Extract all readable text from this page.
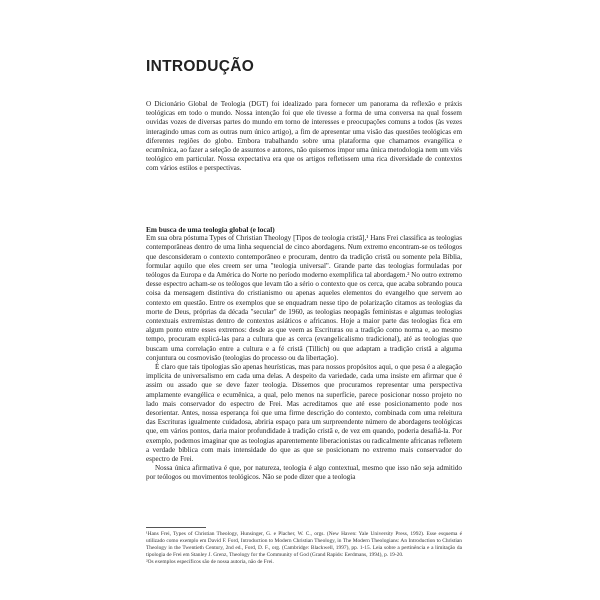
INTRODUÇÃO

O Dicionário Global de Teologia (DGT) foi idealizado para fornecer um panorama da reflexão e práxis teológicas em todo o mundo. Nossa intenção foi que ele tivesse a forma de uma conversa na qual fossem ouvidas vozes de diversas partes do mundo em torno de interesses e preocupações comuns a todos (às vezes interagindo umas com as outras num único artigo), a fim de apresentar uma visão das questões teológicas em diferentes regiões do globo. Embora trabalhando sobre uma plataforma que chamamos evangélica e ecumênica, ao fazer a seleção de assuntos e autores, não quisemos impor uma única metodologia nem um viés teológico em particular. Nossa expectativa era que os artigos refletissem uma rica diversidade de contextos com vários estilos e perspectivas.

Em busca de uma teologia global (e local)

Em sua obra póstuma Types of Christian Theology [Tipos de teologia cristã],¹ Hans Frei classifica as teologias contemporâneas dentro de uma linha sequencial de cinco abordagens. Num extremo encontram-se os teólogos que desconsideram o contexto contemporâneo e procuram, dentro da tradição cristã ou somente pela Bíblia, formular aquilo que eles creem ser uma "teologia universal". Grande parte das teologias formuladas por teólogos da Europa e da América do Norte no período moderno exemplifica tal abordagem.² No outro extremo desse espectro acham-se os teólogos que levam tão a sério o contexto que os cerca, que acaba sobrando pouca coisa da mensagem distintiva do cristianismo ou apenas aqueles elementos do evangelho que servem ao contexto em questão. Entre os exemplos que se enquadram nesse tipo de polarização citamos as teologias da morte de Deus, próprias da década "secular" de 1960, as teologias neopagãs feministas e algumas teologias contextuais extremistas dentro de contextos asiáticos e africanos. Hoje a maior parte das teologias fica em algum ponto entre esses extremos: desde as que veem as Escrituras ou a tradição como norma e, ao mesmo tempo, procuram explicá-las para a cultura que as cerca (evangelicalismo tradicional), até as teologias que buscam uma correlação entre a cultura e a fé cristã (Tillich) ou que adaptam a tradição cristã a alguma conjuntura ou cosmovisão (teologias do processo ou da libertação).

É claro que tais tipologias são apenas heurísticas, mas para nossos propósitos aqui, o que pesa é a alegação implícita de universalismo em cada uma delas. A despeito da variedade, cada uma insiste em afirmar que é assim ou assado que se deve fazer teologia. Dissemos que procuramos representar uma perspectiva amplamente evangélica e ecumênica, a qual, pelo menos na superfície, parece posicionar nosso projeto no lado mais conservador do espectro de Frei. Mas acreditamos que até esse posicionamento pode nos desorientar. Antes, nossa esperança foi que uma firme descrição do contexto, combinada com uma releitura das Escrituras igualmente cuidadosa, abriria espaço para um surpreendente número de abordagens teológicas que, em vários pontos, daria maior profundidade à tradição cristã e, de vez em quando, poderia desafiá-la. Por exemplo, podemos imaginar que as teologias aparentemente liberacionistas ou radicalmente africanas refletem a verdade bíblica com mais intensidade do que as que se posicionam no extremo mais conservador do espectro de Frei.

Nossa única afirmativa é que, por natureza, teologia é algo contextual, mesmo que isso não seja admitido por teólogos ou movimentos teológicos. Não se pode dizer que a teologia

¹Hans Frei, Types of Christian Theology, Hunsinger, G. e Placher, W. C., orgs. (New Haven: Yale University Press, 1992). Esse esquema é utilizado como exemplo em David F. Ford, Introduction to Modern Christian Theology, in The Modern Theologians: An Introduction to Christian Theology in the Twentieth Century, 2nd ed., Ford, D. F., org. (Cambridge: Blackwell, 1997), pp. 1-15. Leia sobre a pertinência e a limitação da tipologia de Frei em Stanley J. Grenz, Theology for the Community of God (Grand Rapids: Eerdmans, 1994), p. 19-20.

²Os exemplos específicos são de nossa autoria, não de Frei.
